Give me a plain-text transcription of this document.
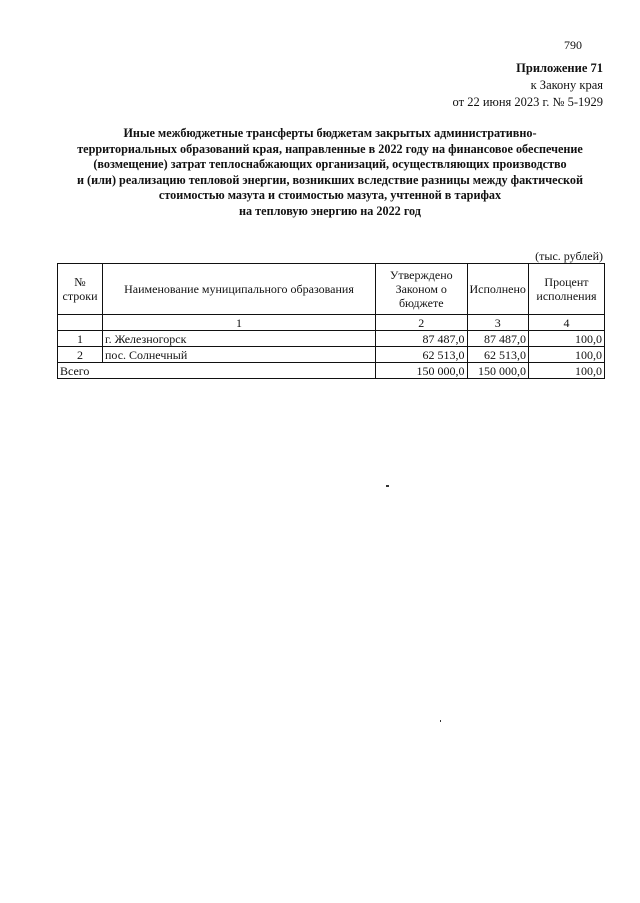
790
Приложение 71
к Закону края
от 22 июня 2023 г. № 5-1929
Иные межбюджетные трансферты бюджетам закрытых административно-
территориальных образований края, направленные в 2022 году на финансовое обеспечение
(возмещение) затрат теплоснабжающих организаций, осуществляющих производство
и (или) реализацию тепловой энергии, возникших вследствие разницы между фактической
стоимостью мазута и стоимостью мазута, учтенной в тарифах
на тепловую энергию на 2022 год
(тыс. рублей)
№ строки	Наименование муниципального образования	Утверждено Законом о бюджете	Исполнено	Процент исполнения
	1	2	3	4
1	г. Железногорск	87 487,0	87 487,0	100,0
2	пос. Солнечный	62 513,0	62 513,0	100,0
Всего		150 000,0	150 000,0	100,0
